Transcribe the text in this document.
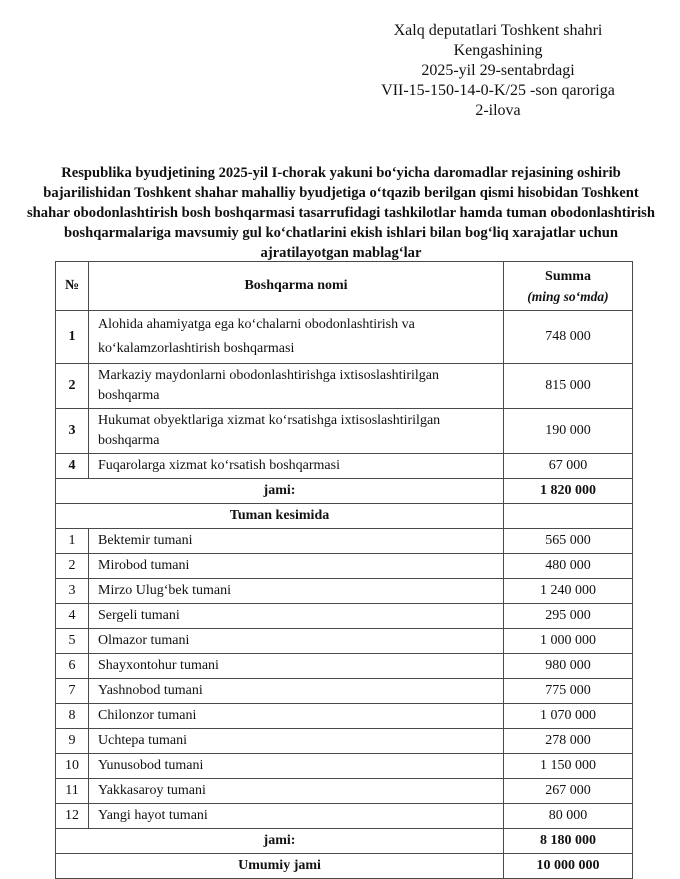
Xalq deputatlari Toshkent shahri
Kengashining
2025-yil 29-sentabrdagi
VII-15-150-14-0-K/25 -son qaroriga
2-ilova
Respublika byudjetining 2025-yil I-chorak yakuni boʻyicha daromadlar rejasining oshirib bajarilishidan Toshkent shahar mahalliy byudjetiga oʻtqazib berilgan qismi hisobidan Toshkent shahar obodonlashtirish bosh boshqarmasi tasarrufidagi tashkilotlar hamda tuman obodonlashtirish boshqarmalariga mavsumiy gul koʻchatlarini ekish ishlari bilan bogʻliq xarajatlar uchun ajratilayotgan mablagʻlar
№	Boshqarma nomi	Summa
(ming soʻmda)

1	Alohida ahamiyatga ega koʻchalarni obodonlashtirish va koʻkalamzorlashtirish boshqarmasi	748 000
2	Markaziy maydonlarni obodonlashtirishga ixtisoslashtirilgan boshqarma	815 000
3	Hukumat obyektlariga xizmat koʻrsatishga ixtisoslashtirilgan boshqarma	190 000
4	Fuqarolarga xizmat koʻrsatish boshqarmasi	67 000
jami:		1 820 000
Tuman kesimida		
1	Bektemir tumani	565 000
2	Mirobod tumani	480 000
3	Mirzo Ulugʻbek tumani	1 240 000
4	Sergeli tumani	295 000
5	Olmazor tumani	1 000 000
6	Shayxontohur tumani	980 000
7	Yashnobod tumani	775 000
8	Chilonzor tumani	1 070 000
9	Uchtepa tumani	278 000
10	Yunusobod tumani	1 150 000
11	Yakkasaroy tumani	267 000
12	Yangi hayot tumani	80 000
jami:		8 180 000
Umumiy jami		10 000 000
